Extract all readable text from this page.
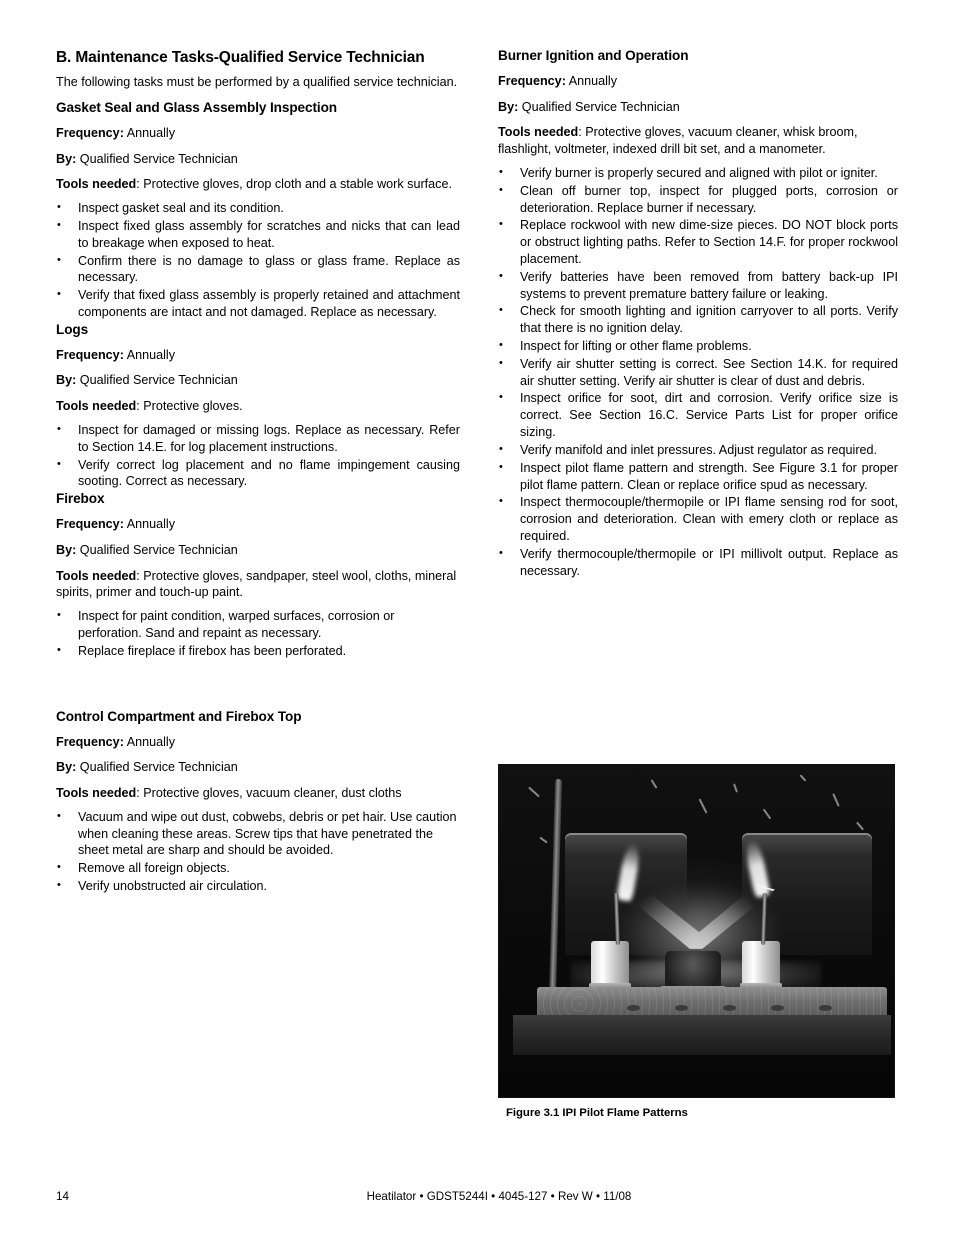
B. Maintenance Tasks-Qualified Service Technician

The following tasks must be performed by a qualified service technician.

Gasket Seal and Glass Assembly Inspection

Frequency: Annually

By: Qualified Service Technician

Tools needed: Protective gloves, drop cloth and a stable work surface.

• Inspect gasket seal and its condition.
• Inspect fixed glass assembly for scratches and nicks that can lead to breakage when exposed to heat.
• Confirm there is no damage to glass or glass frame. Replace as necessary.
• Verify that fixed glass assembly is properly retained and attachment components are intact and not damaged. Replace as necessary.
Logs

Frequency: Annually

By: Qualified Service Technician

Tools needed: Protective gloves.

• Inspect for damaged or missing logs. Replace as necessary. Refer to Section 14.E. for log placement instructions.
• Verify correct log placement and no flame impingement causing sooting. Correct as necessary.
Firebox

Frequency: Annually

By: Qualified Service Technician

Tools needed: Protective gloves, sandpaper, steel wool, cloths, mineral spirits, primer and touch-up paint.

• Inspect for paint condition, warped surfaces, corrosion or perforation. Sand and repaint as necessary.
• Replace fireplace if firebox has been perforated.
Control Compartment and Firebox Top

Frequency: Annually

By: Qualified Service Technician

Tools needed: Protective gloves, vacuum cleaner, dust cloths

• Vacuum and wipe out dust, cobwebs, debris or pet hair. Use caution when cleaning these areas. Screw tips that have penetrated the sheet metal are sharp and should be avoided.
• Remove all foreign objects.
• Verify unobstructed air circulation.
Burner Ignition and Operation

Frequency: Annually

By: Qualified Service Technician

Tools needed: Protective gloves, vacuum cleaner, whisk broom, flashlight, voltmeter, indexed drill bit set, and a manometer.

• Verify burner is properly secured and aligned with pilot or igniter.
• Clean off burner top, inspect for plugged ports, corrosion or deterioration. Replace burner if necessary.
• Replace rockwool with new dime-size pieces. DO NOT block ports or obstruct lighting paths. Refer to Section 14.F. for proper rockwool placement.
• Verify batteries have been removed from battery back-up IPI systems to prevent premature battery failure or leaking.
• Check for smooth lighting and ignition carryover to all ports. Verify that there is no ignition delay.
• Inspect for lifting or other flame problems.
• Verify air shutter setting is correct. See Section 14.K. for required air shutter setting. Verify air shutter is clear of dust and debris.
• Inspect orifice for soot, dirt and corrosion. Verify orifice size is correct. See Section 16.C. Service Parts List for proper orifice sizing.
• Verify manifold and inlet pressures. Adjust regulator as required.
• Inspect pilot flame pattern and strength. See Figure 3.1 for proper pilot flame pattern. Clean or replace orifice spud as necessary.
• Inspect thermocouple/thermopile or IPI flame sensing rod for soot, corrosion and deterioration. Clean with emery cloth or replace as required.
• Verify thermocouple/thermopile or IPI millivolt output. Replace as necessary.
Figure 3.1 IPI Pilot Flame Patterns
14	Heatilator • GDST5244I • 4045-127 • Rev W • 11/08
